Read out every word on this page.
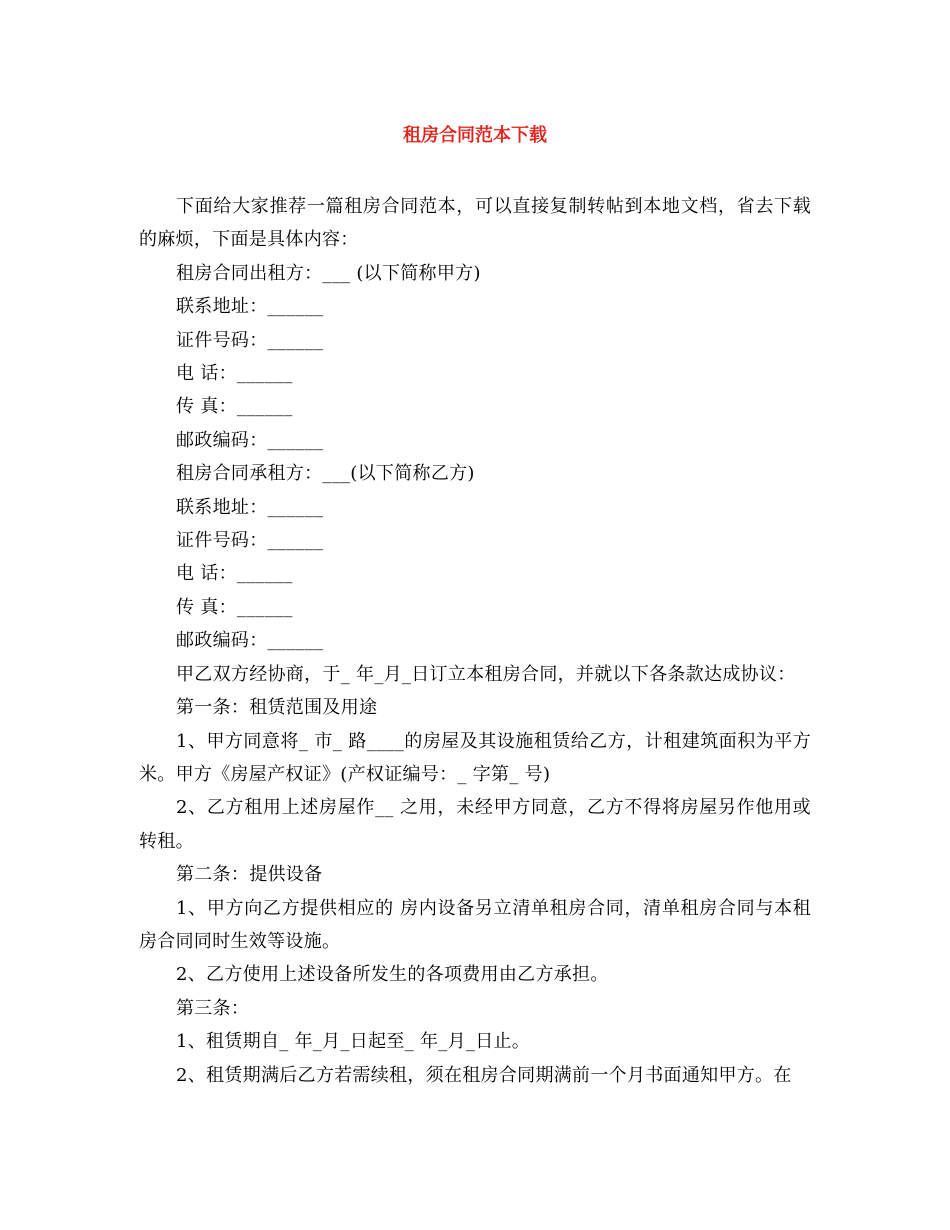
租房合同范本下载

下面给大家推荐一篇租房合同范本，可以直接复制转帖到本地文档，省去下载的麻烦，下面是具体内容：

租房合同出租方：___ (以下简称甲方)

联系地址：______

证件号码：______

电 话：______

传 真：______

邮政编码：______

租房合同承租方：___(以下简称乙方)

联系地址：______

证件号码：______

电 话：______

传 真：______

邮政编码：______

甲乙双方经协商，于_ 年_月_日订立本租房合同，并就以下各条款达成协议：

第一条：租赁范围及用途

1、甲方同意将_ 市_ 路____的房屋及其设施租赁给乙方，计租建筑面积为平方米。甲方《房屋产权证》(产权证编号：_ 字第_ 号)

2、乙方租用上述房屋作__ 之用，未经甲方同意，乙方不得将房屋另作他用或转租。

第二条：提供设备

1、甲方向乙方提供相应的 房内设备另立清单租房合同，清单租房合同与本租房合同同时生效等设施。

2、乙方使用上述设备所发生的各项费用由乙方承担。

第三条：

1、租赁期自_ 年_月_日起至_ 年_月_日止。

2、租赁期满后乙方若需续租，须在租房合同期满前一个月书面通知甲方。在
